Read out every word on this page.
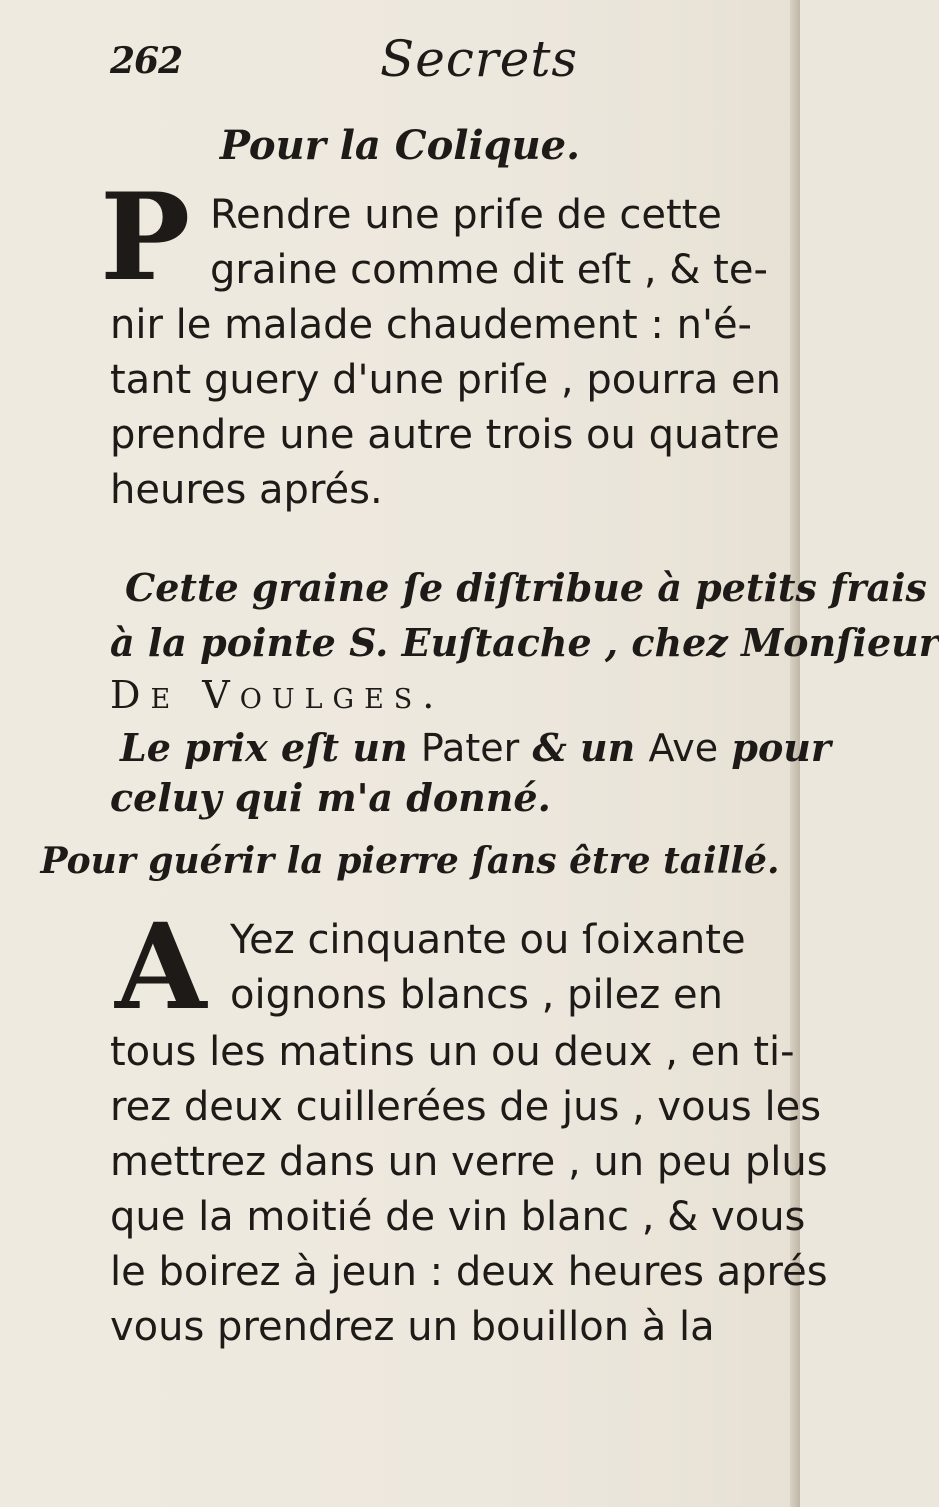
262	Secrets
Pour la Colique.
P Rendre une priſe de cette
graine comme dit eſt , & te-
nir le malade chaudement : n'é-
tant guery d'une priſe , pourra en
prendre une autre trois ou quatre
heures aprés.
Cette graine ſe diſtribue à petits frais
à la pointe S. Euſtache , chez Monſieur
De Voulges.
Le prix eſt un Pater & un Ave pour
celuy qui m'a donné.
Pour guérir la pierre ſans être taillé.
A Yez cinquante ou ſoixante
oignons blancs , pilez en
tous les matins un ou deux , en ti-
rez deux cuillerées de jus , vous les
mettrez dans un verre , un peu plus
que la moitié de vin blanc , & vous
le boirez à jeun : deux heures aprés
vous prendrez un bouillon à la
